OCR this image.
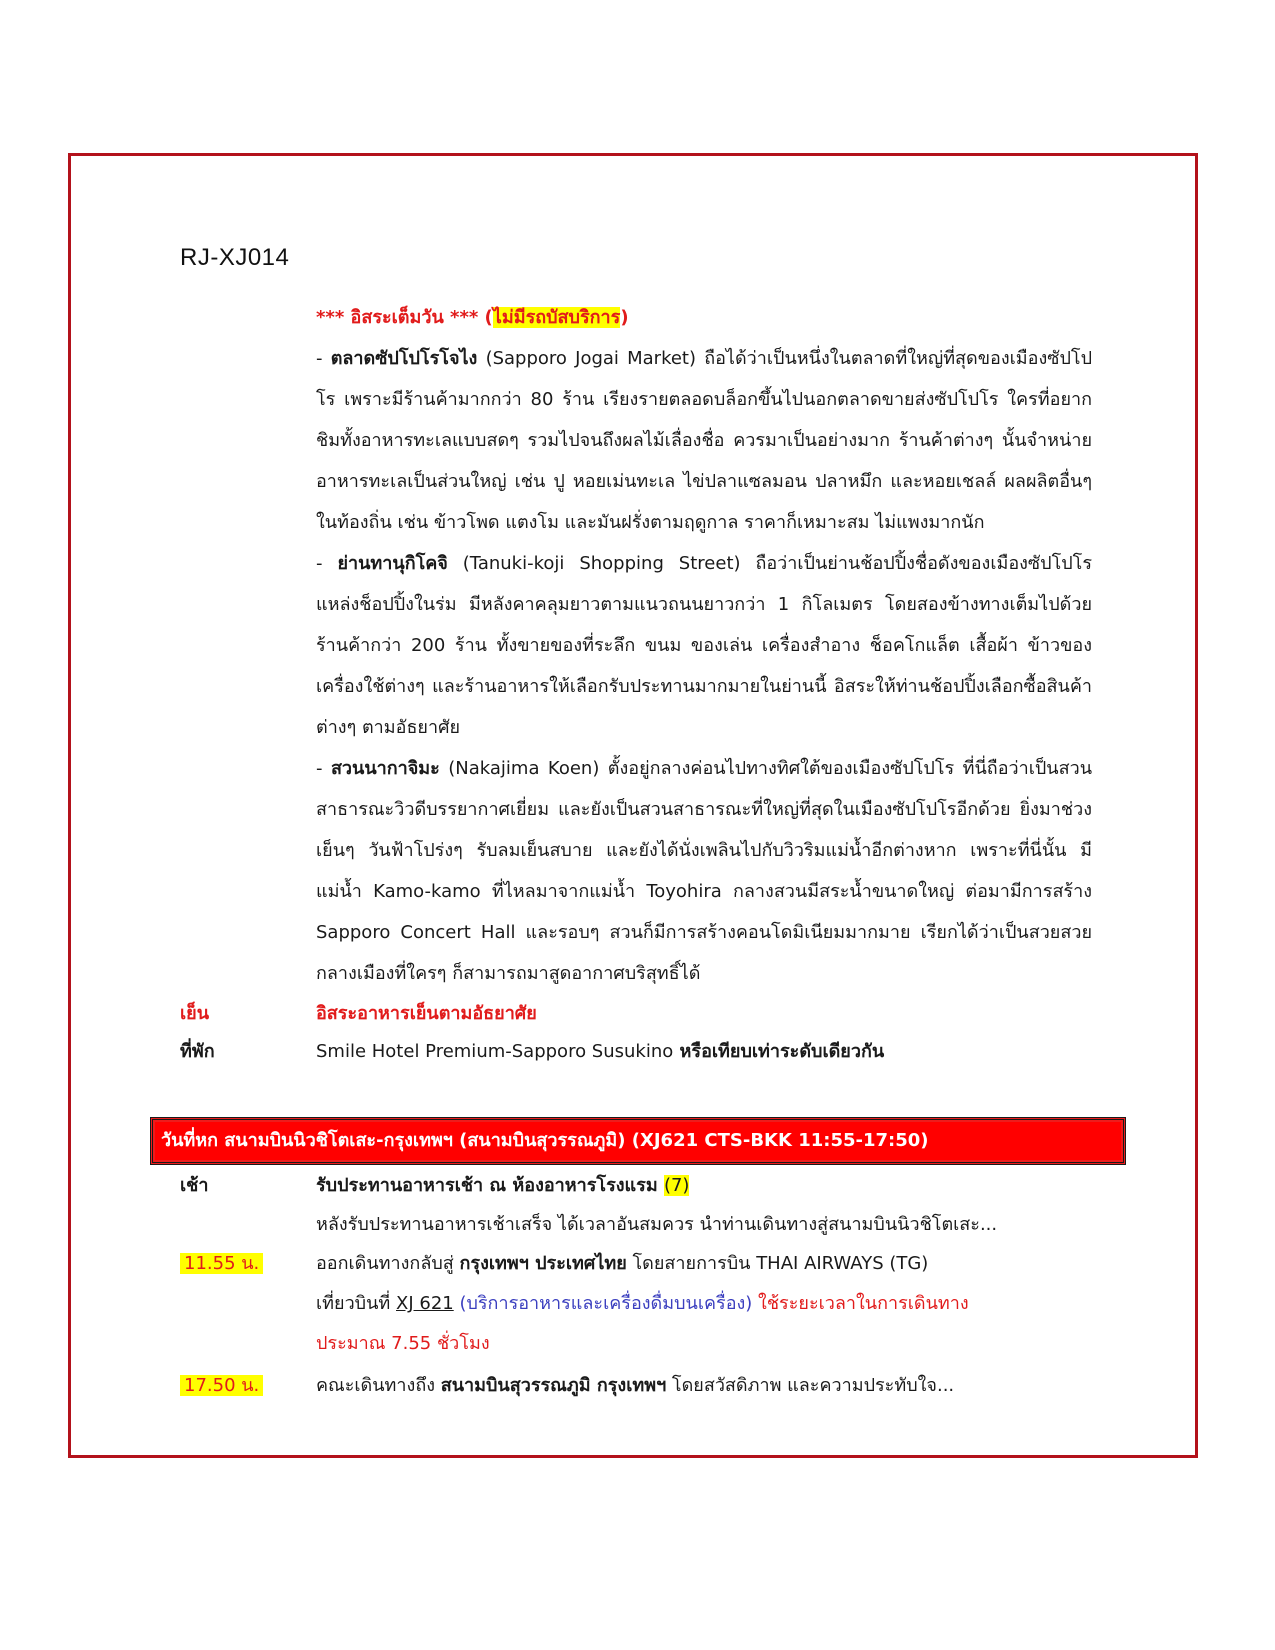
RJ-XJ014

*** อิสระเต็มวัน *** (ไม่มีรถบัสบริการ)

- ตลาดซัปโปโรโจไง (Sapporo Jogai Market) ถือได้ว่าเป็นหนึ่งในตลาดที่ใหญ่ที่สุดของเมืองซัปโปโร เพราะมีร้านค้ามากกว่า 80 ร้าน เรียงรายตลอดบล็อกขึ้นไปนอกตลาดขายส่งซัปโปโร ใครที่อยากชิมทั้งอาหารทะเลแบบสดๆ รวมไปจนถึงผลไม้เลื่องชื่อ ควรมาเป็นอย่างมาก ร้านค้าต่างๆ นั้นจำหน่ายอาหารทะเลเป็นส่วนใหญ่ เช่น ปู หอยเม่นทะเล ไข่ปลาแซลมอน ปลาหมึก และหอยเชลล์ ผลผลิตอื่นๆ ในท้องถิ่น เช่น ข้าวโพด แตงโม และมันฝรั่งตามฤดูกาล ราคาก็เหมาะสม ไม่แพงมากนัก

- ย่านทานุกิโคจิ (Tanuki-koji Shopping Street) ถือว่าเป็นย่านช้อปปิ้งชื่อดังของเมืองซัปโปโร แหล่งช็อปปิ้งในร่ม มีหลังคาคลุมยาวตามแนวถนนยาวกว่า 1 กิโลเมตร โดยสองข้างทางเต็มไปด้วยร้านค้ากว่า 200 ร้าน ทั้งขายของที่ระลึก ขนม ของเล่น เครื่องสำอาง ช็อคโกแล็ต เสื้อผ้า ข้าวของเครื่องใช้ต่างๆ และร้านอาหารให้เลือกรับประทานมากมายในย่านนี้ อิสระให้ท่านช้อปปิ้งเลือกซื้อสินค้าต่างๆ ตามอัธยาศัย

- สวนนากาจิมะ (Nakajima Koen) ตั้งอยู่กลางค่อนไปทางทิศใต้ของเมืองซัปโปโร ที่นี่ถือว่าเป็นสวนสาธารณะวิวดีบรรยากาศเยี่ยม และยังเป็นสวนสาธารณะที่ใหญ่ที่สุดในเมืองซัปโปโรอีกด้วย ยิ่งมาช่วงเย็นๆ วันฟ้าโปร่งๆ รับลมเย็นสบาย และยังได้นั่งเพลินไปกับวิวริมแม่น้ำอีกต่างหาก เพราะที่นี่นั้น มีแม่น้ำ Kamo-kamo ที่ไหลมาจากแม่น้ำ Toyohira กลางสวนมีสระน้ำขนาดใหญ่ ต่อมามีการสร้าง Sapporo Concert Hall และรอบๆ สวนก็มีการสร้างคอนโดมิเนียมมากมาย เรียกได้ว่าเป็นสวยสวยกลางเมืองที่ใครๆ ก็สามารถมาสูดอากาศบริสุทธิ์ได้

เย็น	อิสระอาหารเย็นตามอัธยาศัย
ที่พัก	Smile Hotel Premium-Sapporo Susukino หรือเทียบเท่าระดับเดียวกัน
วันที่หก สนามบินนิวชิโตเสะ-กรุงเทพฯ (สนามบินสุวรรณภูมิ) (XJ621 CTS-BKK 11:55-17:50)
เช้า	รับประทานอาหารเช้า ณ ห้องอาหารโรงแรม (7)
หลังรับประทานอาหารเช้าเสร็จ ได้เวลาอันสมควร นำท่านเดินทางสู่สนามบินนิวชิโตเสะ...
11.55 น.	ออกเดินทางกลับสู่ กรุงเทพฯ ประเทศไทย โดยสายการบิน THAI AIRWAYS (TG)
เที่ยวบินที่ XJ 621 (บริการอาหารและเครื่องดื่มบนเครื่อง) ใช้ระยะเวลาในการเดินทาง
ประมาณ 7.55 ชั่วโมง
17.50 น.	คณะเดินทางถึง สนามบินสุวรรณภูมิ กรุงเทพฯ โดยสวัสดิภาพ และความประทับใจ...
